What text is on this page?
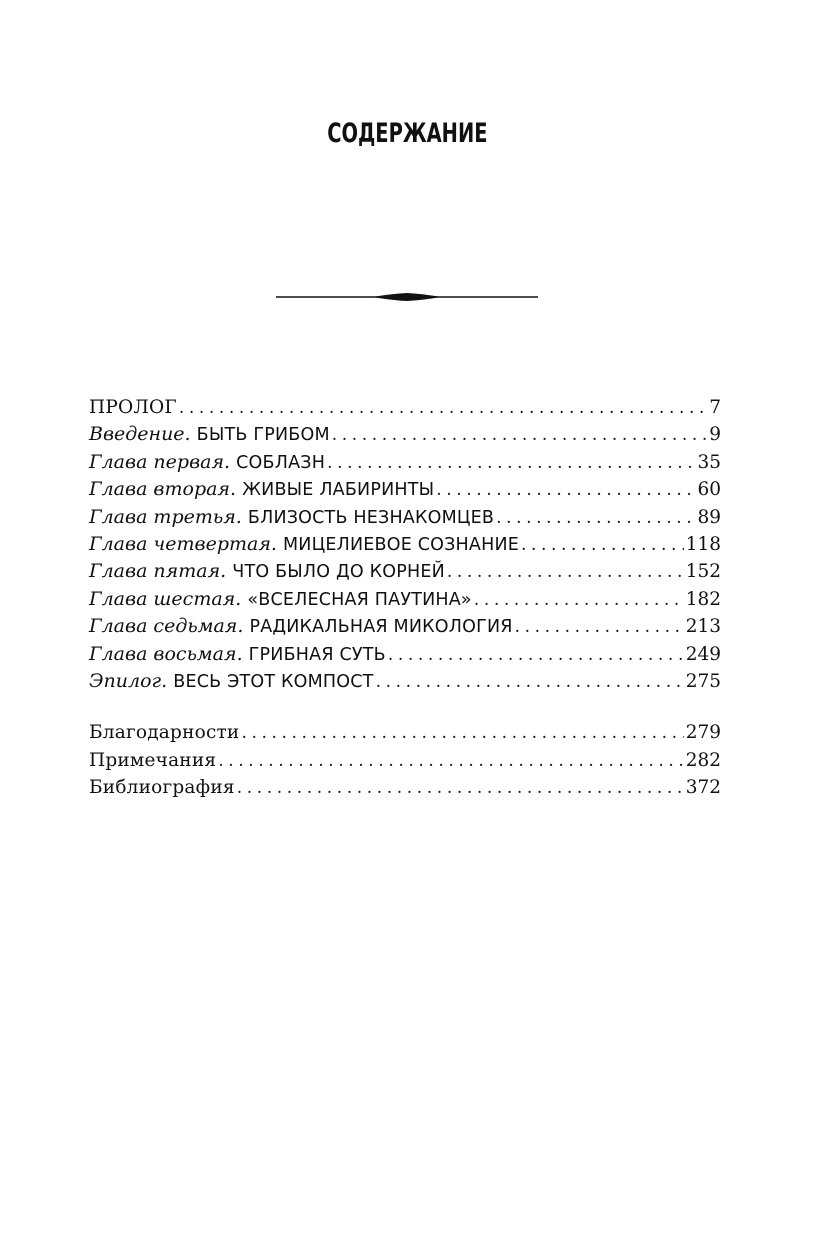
СОДЕРЖАНИЕ
ПРОЛОГ .....	7
Введение. БЫТЬ ГРИБОМ .....	9
Глава первая. СОБЛАЗН .....	35
Глава вторая. ЖИВЫЕ ЛАБИРИНТЫ .....	60
Глава третья. БЛИЗОСТЬ НЕЗНАКОМЦЕВ .....	89
Глава четвертая. МИЦЕЛИЕВОЕ СОЗНАНИЕ .....	118
Глава пятая. ЧТО БЫЛО ДО КОРНЕЙ .....	152
Глава шестая. «ВСЕЛЕСНАЯ ПАУТИНА» .....	182
Глава седьмая. РАДИКАЛЬНАЯ МИКОЛОГИЯ .....	213
Глава восьмая. ГРИБНАЯ СУТЬ .....	249
Эпилог. ВЕСЬ ЭТОТ КОМПОСТ .....	275
Благодарности .....	279
Примечания .....	282
Библиография .....	372
